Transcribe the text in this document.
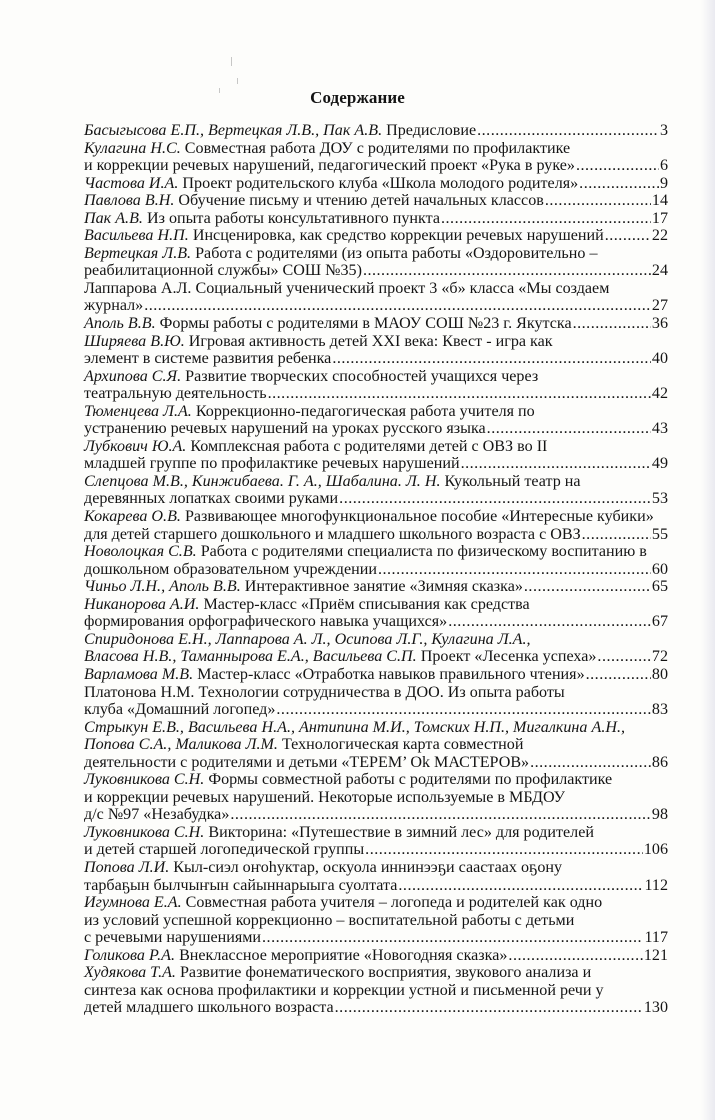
Содержание
Басыгысова Е.П., Вертецкая Л.В., Пак А.В. Предисловие .....	3
Кулагина Н.С. Совместная работа ДОУ с родителями по профилактике
и коррекции речевых нарушений, педагогический проект «Рука в руке» .....	6
Частова И.А. Проект родительского клуба «Школа молодого родителя» .....	9
Павлова В.Н. Обучение письму и чтению детей начальных классов .....	14
Пак А.В. Из опыта работы консультативного пункта .....	17
Васильева Н.П. Инсценировка, как средство коррекции речевых нарушений .....	22
Вертецкая Л.В. Работа с родителями (из опыта работы «Оздоровительно –
реабилитационной службы» СОШ №35) .....	24
Лаппарова А.Л. Социальный ученический проект 3 «б» класса «Мы создаем
журнал» .....	27
Аполь В.В. Формы работы с родителями в МАОУ СОШ №23 г. Якутска .....	36
Ширяева В.Ю. Игровая активность детей XXI века: Квест - игра как
элемент в системе развития ребенка .....	40
Архипова С.Я. Развитие творческих способностей учащихся через
театральную деятельность .....	42
Тюменцева Л.А. Коррекционно-педагогическая работа учителя по
устранению речевых нарушений на уроках русского языка .....	43
Лубкович Ю.А. Комплексная работа с родителями детей с ОВЗ во II
младшей группе по профилактике речевых нарушений .....	49
Слепцова М.В., Кинжибаева. Г. А., Шабалина. Л. Н. Кукольный театр на
деревянных лопатках своими руками .....	53
Кокарева О.В. Развивающее многофункциональное пособие «Интересные кубики»
для детей старшего дошкольного и младшего школьного возраста с ОВЗ .....	55
Новолоцкая С.В. Работа с родителями специалиста по физическому воспитанию в
дошкольном образовательном учреждении .....	60
Чиньо Л.Н., Аполь В.В. Интерактивное занятие «Зимняя сказка» .....	65
Никанорова А.И. Мастер-класс «Приём списывания как средства
формирования орфографического навыка учащихся» .....	67
Спиридонова Е.Н., Лаппарова А. Л., Осипова Л.Г., Кулагина Л.А.,
Власова Н.В., Таманнырова Е.А., Васильева С.П. Проект «Лесенка успеха» .....	72
Варламова М.В. Мастер-класс «Отработка навыков правильного чтения» .....	80
Платонова Н.М. Технологии сотрудничества в ДОО. Из опыта работы
клуба «Домашний логопед» .....	83
Стрыкун Е.В., Васильева Н.А., Антипина М.И., Томских Н.П., Мигалкина А.Н.,
Попова С.А., Маликова Л.М. Технологическая карта совместной
деятельности с родителями и детьми «ТЕРЕМ’ Ok МАСТЕРОВ» .....	86
Луковникова С.Н. Формы совместной работы с родителями по профилактике
и коррекции речевых нарушений. Некоторые используемые в МБДОУ
д/с №97 «Незабудка» .....	98
Луковникова С.Н. Викторина: «Путешествие в зимний лес» для родителей
и детей старшей логопедической группы .....	106
Попова Л.И. Кыл-сиэл оҥоһуктар, оскуола иннинээҕи саастаах оҕону
тарбаҕын былчыҥын сайыннарыыга суолтата .....	112
Игумнова Е.А. Совместная работа учителя – логопеда и родителей как одно
из условий успешной коррекционно – воспитательной работы с детьми
с речевыми нарушениями .....	117
Голикова Р.А. Внеклассное мероприятие «Новогодняя сказка» .....	121
Худякова Т.А. Развитие фонематического восприятия, звукового анализа и
синтеза как основа профилактики и коррекции устной и письменной речи у
детей младшего школьного возраста .....	130
